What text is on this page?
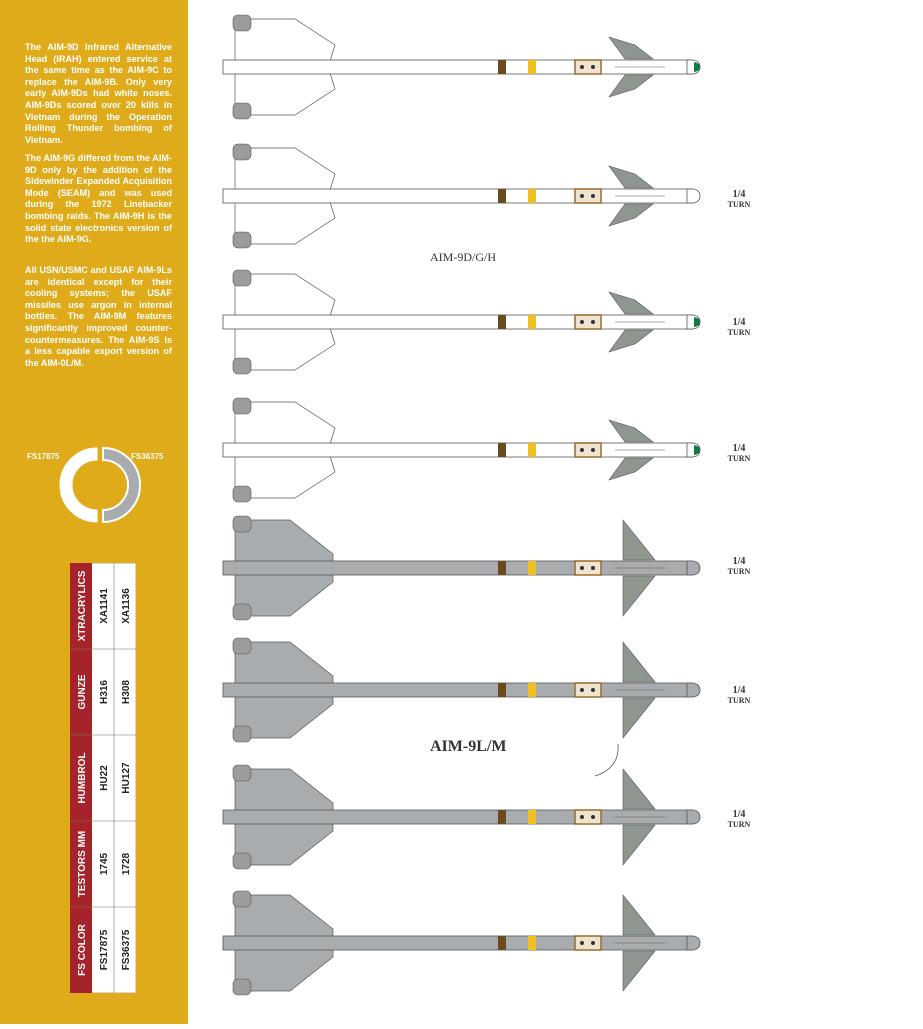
The AIM-9D Infrared Alternative Head (IRAH) entered service at the same time as the AIM-9C to replace the AIM-9B. Only very early AIM-9Ds had white noses. AIM-9Ds scored over 20 kills in Vietnam during the Operation Rolling Thunder bombing of Vietnam.

The AIM-9G differed from the AIM-9D only by the addition of the Sidewinder Expanded Acquisition Mode (SEAM) and was used during the 1972 Linebacker bombing raids. The AIM-9H is the solid state electronics version of the the AIM-9G.

All USN/USMC and USAF AIM-9Ls are identical except for their cooling systems; the USAF missiles use argon in internal bottles. The AIM-9M features significantly improved counter-countermeasures. The AIM-9S is a less capable export version of the AIM-0L/M.

FS17875	FS36375
FS COLOR
TESTORS MM
HUMBROL
GUNZE
XTRACRYLICS
FS17875
1745
HU22
H316
XA1141
FS36375
1728
HU127
H308
XA1136
AIM-9D/G/H
AIM-9L/M
1/4
TURN
1/4
TURN
1/4
TURN
1/4
TURN
1/4
TURN
1/4
TURN
